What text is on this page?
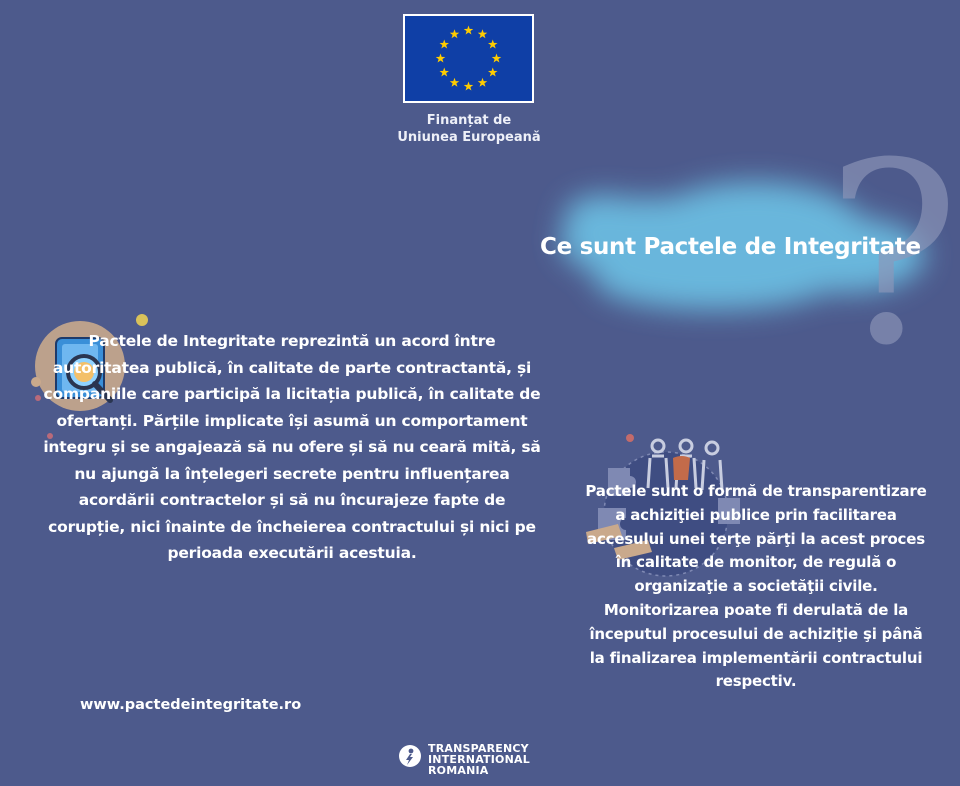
Finanțat de
Uniunea Europeană ?
Ce sunt Pactele de Integritate
Pactele de Integritate reprezintă un acord între autoritatea publică, în calitate de parte contractantă, și companiile care participă la licitația publică, în calitate de ofertanți. Părțile implicate își asumă un comportament integru și se angajează să nu ofere și să nu ceară mită, să nu ajungă la înțelegeri secrete pentru influențarea acordării contractelor și să nu încurajeze fapte de corupție, nici înainte de încheierea contractului și nici pe perioada executării acestuia.
Pactele sunt o formă de transparentizare a achiziţiei publice prin facilitarea accesului unei terţe părţi la acest proces în calitate de monitor, de regulă o organizaţie a societăţii civile. Monitorizarea poate fi derulată de la începutul procesului de achiziţie şi până la finalizarea implementării contractului respectiv.
www.pactedeintegritate.ro
TRANSPARENCY
INTERNATIONAL
ROMANIA
